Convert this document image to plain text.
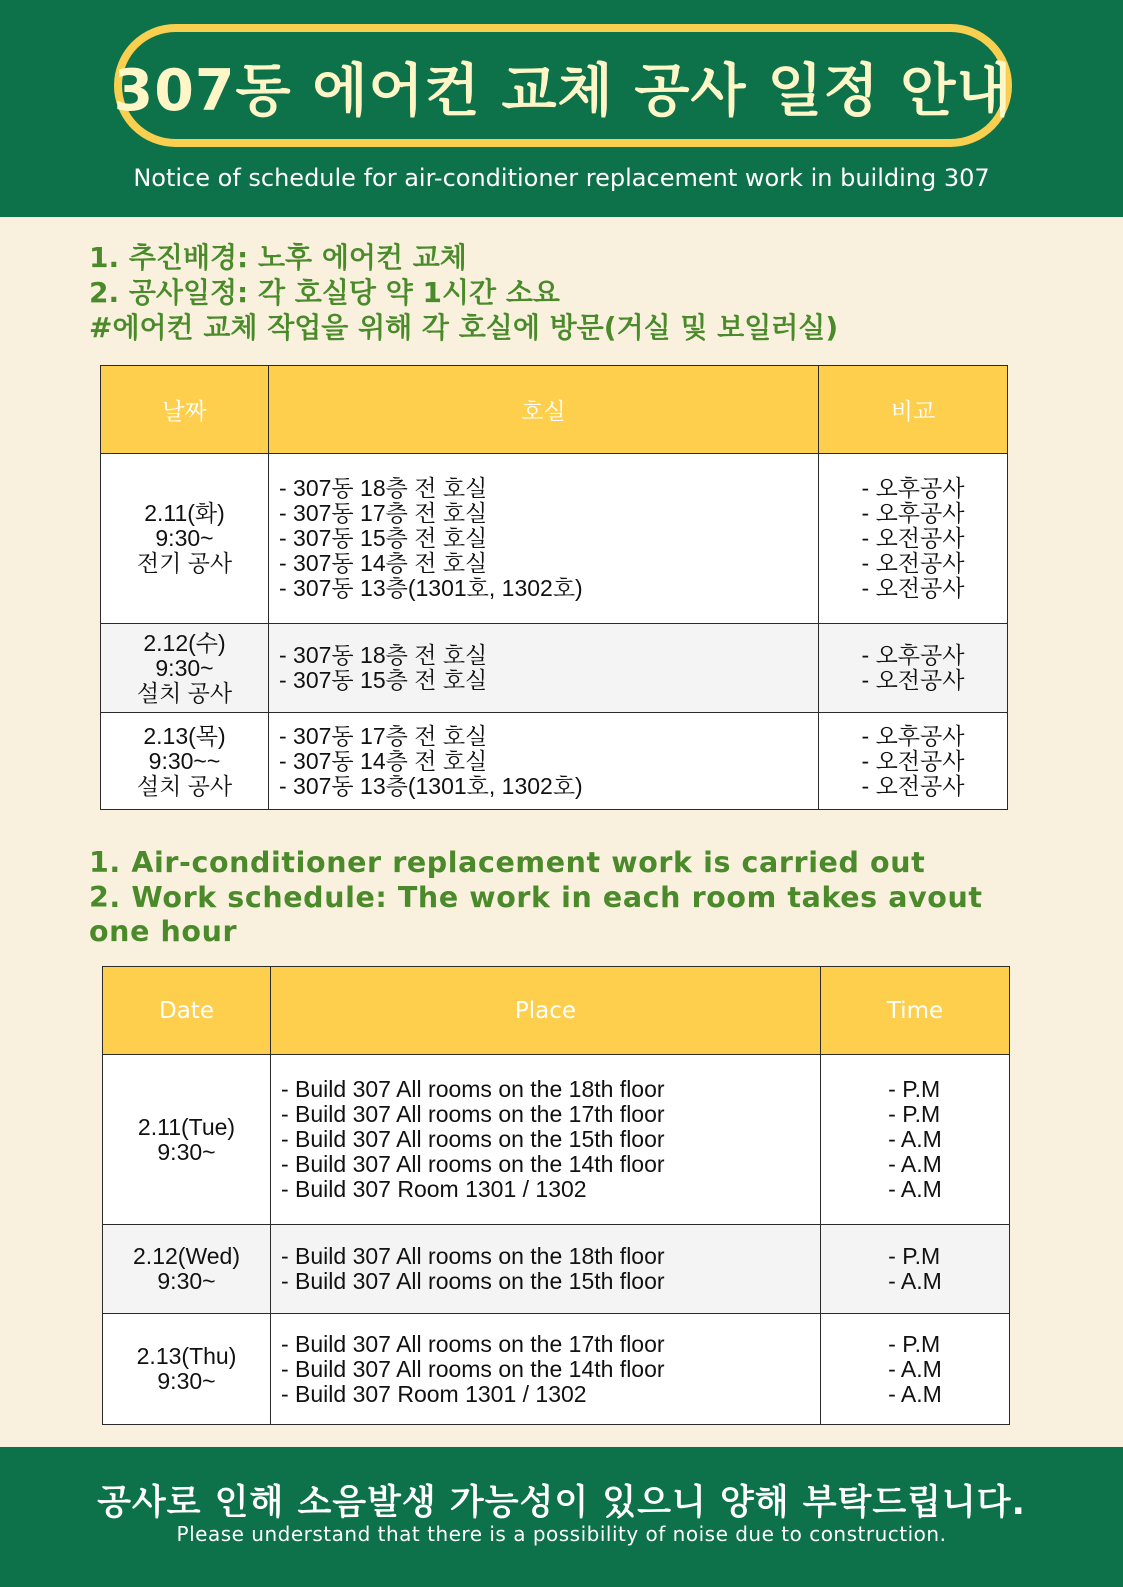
307동 에어컨 교체 공사 일정 안내
Notice of schedule for air-conditioner replacement work in building 307
1. 추진배경: 노후 에어컨 교체
2. 공사일정: 각 호실당 약 1시간 소요
#에어컨 교체 작업을 위해 각 호실에 방문(거실 및 보일러실)
날짜	호실	비교

2.11(화)
9:30~
전기 공사	- 307동 18층 전 호실
- 307동 17층 전 호실
- 307동 15층 전 호실
- 307동 14층 전 호실
- 307동 13층(1301호, 1302호)	- 오후공사
- 오후공사
- 오전공사
- 오전공사
- 오전공사

2.12(수)
9:30~
설치 공사	- 307동 18층 전 호실
- 307동 15층 전 호실	- 오후공사
- 오전공사

2.13(목)
9:30~~
설치 공사	- 307동 17층 전 호실
- 307동 14층 전 호실
- 307동 13층(1301호, 1302호)	- 오후공사
- 오전공사
- 오전공사
1. Air-conditioner replacement work is carried out
2. Work schedule: The work in each room takes avout one hour
Date	Place	Time

2.11(Tue)
9:30~	- Build 307 All rooms on the 18th floor
- Build 307 All rooms on the 17th floor
- Build 307 All rooms on the 15th floor
- Build 307 All rooms on the 14th floor
- Build 307 Room 1301 / 1302	- P.M
- P.M
- A.M
- A.M
- A.M

2.12(Wed)
9:30~	- Build 307 All rooms on the 18th floor
- Build 307 All rooms on the 15th floor	- P.M
- A.M

2.13(Thu)
9:30~	- Build 307 All rooms on the 17th floor
- Build 307 All rooms on the 14th floor
- Build 307 Room 1301 / 1302	- P.M
- A.M
- A.M
공사로 인해 소음발생 가능성이 있으니 양해 부탁드립니다.
Please understand that there is a possibility of noise due to construction.
